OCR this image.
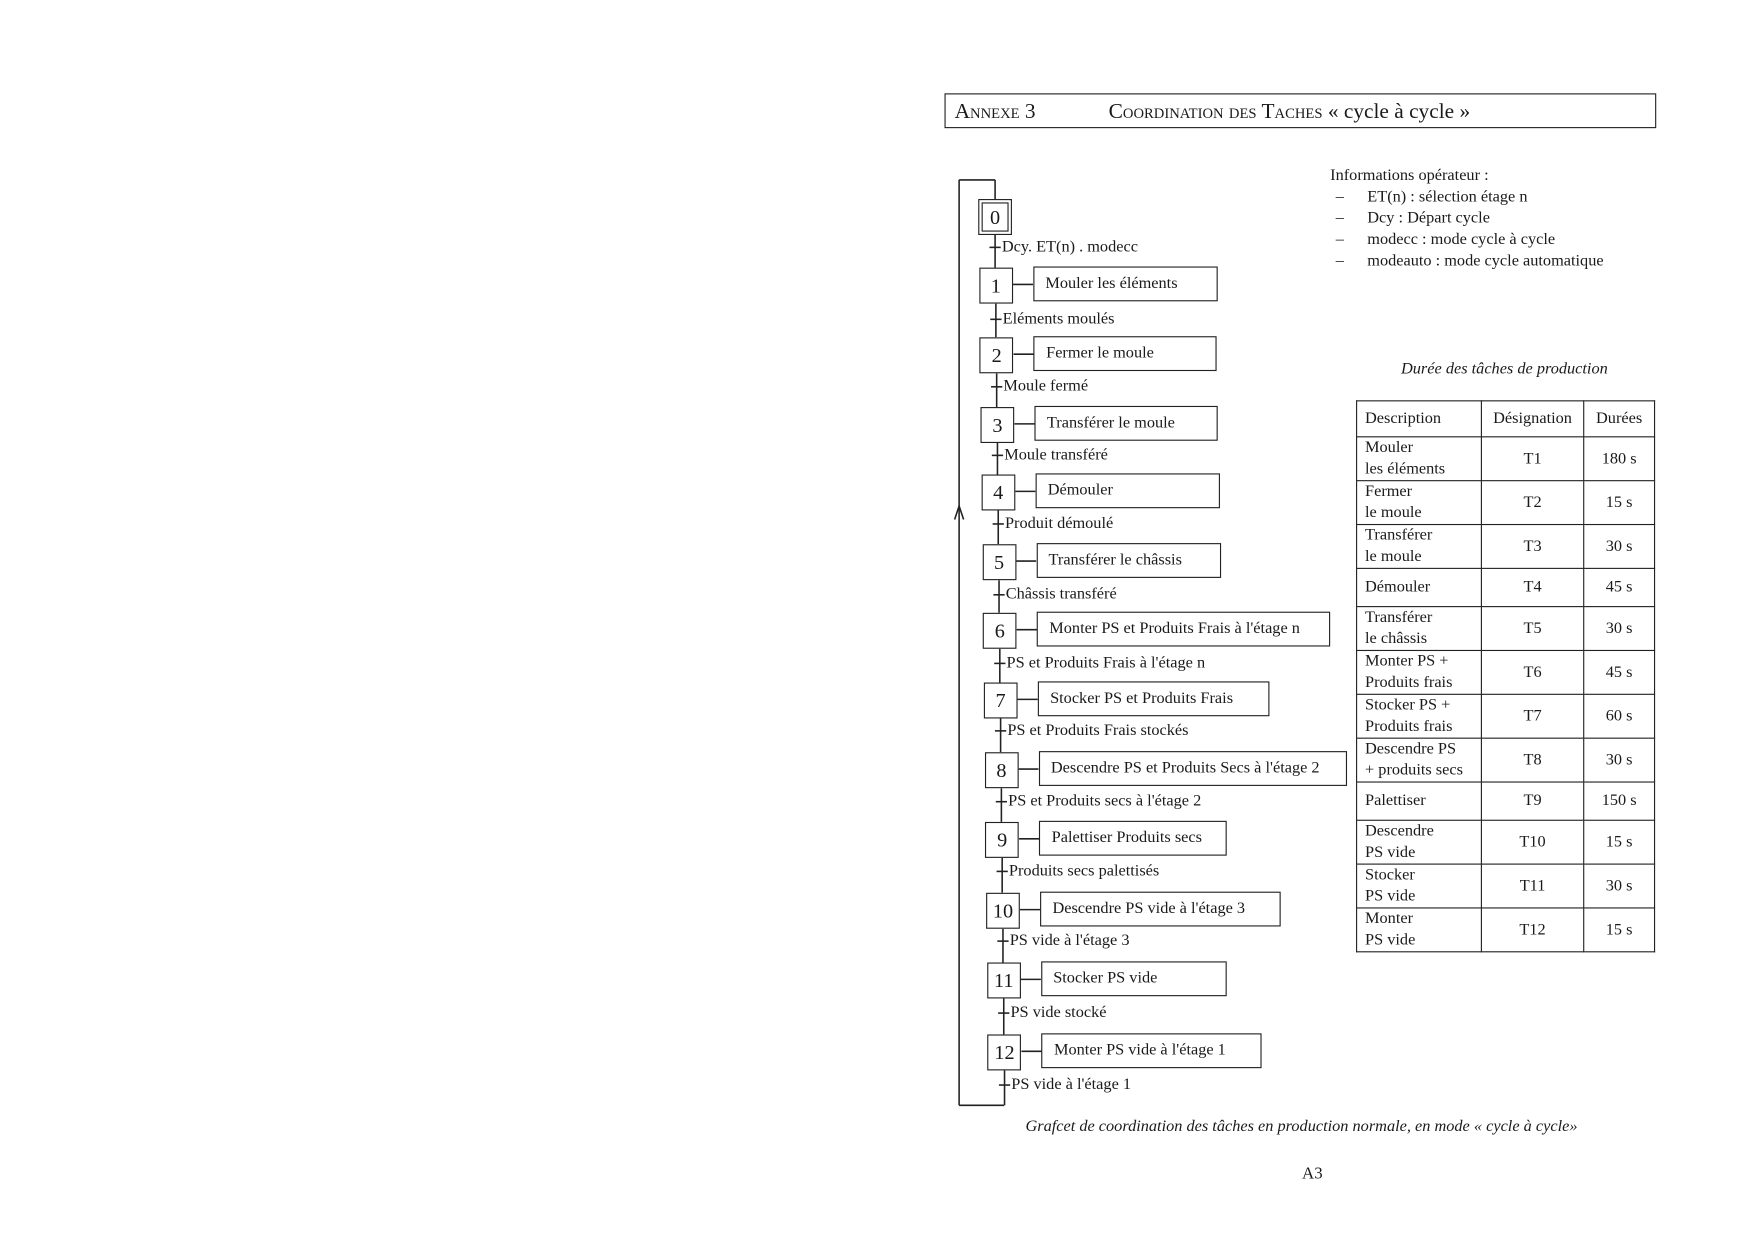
Annexe 3	Coordination des Taches « cycle à cycle »
Informations opérateur :
– ET(n) : sélection étage n
– Dcy : Départ cycle
– modecc : mode cycle à cycle
– modeauto : mode cycle automatique
Durée des tâches de production
Description	Désignation	Durées

Mouler
les éléments	T1	180 s

Fermer
le moule	T2	15 s

Transférer
le moule	T3	30 s

Démouler	T4	45 s

Transférer
le châssis	T5	30 s

Monter PS +
Produits frais	T6	45 s

Stocker PS +
Produits frais	T7	60 s

Descendre PS
+ produits secs	T8	30 s

Palettiser	T9	150 s

Descendre
PS vide	T10	15 s

Stocker
PS vide	T11	30 s

Monter
PS vide	T12	15 s
0
Dcy. ET(n) . modecc
1	Mouler les éléments
Eléments moulés
2	Fermer le moule
Moule fermé
3	Transférer le moule
Moule transféré
4	Démouler
Produit démoulé
5	Transférer le châssis
Châssis transféré
6	Monter PS et Produits Frais à l'étage n
PS et Produits Frais à l'étage n
7	Stocker PS et Produits Frais
PS et Produits Frais stockés
8	Descendre PS et Produits Secs à l'étage 2
PS et Produits secs à l'étage 2
9	Palettiser Produits secs
Produits secs palettisés
10	Descendre PS vide à l'étage 3
PS vide à l'étage 3
11	Stocker PS vide
PS vide stocké
12	Monter PS vide à l'étage 1
PS vide à l'étage 1
Grafcet de coordination des tâches en production normale, en mode « cycle à cycle»
A3
